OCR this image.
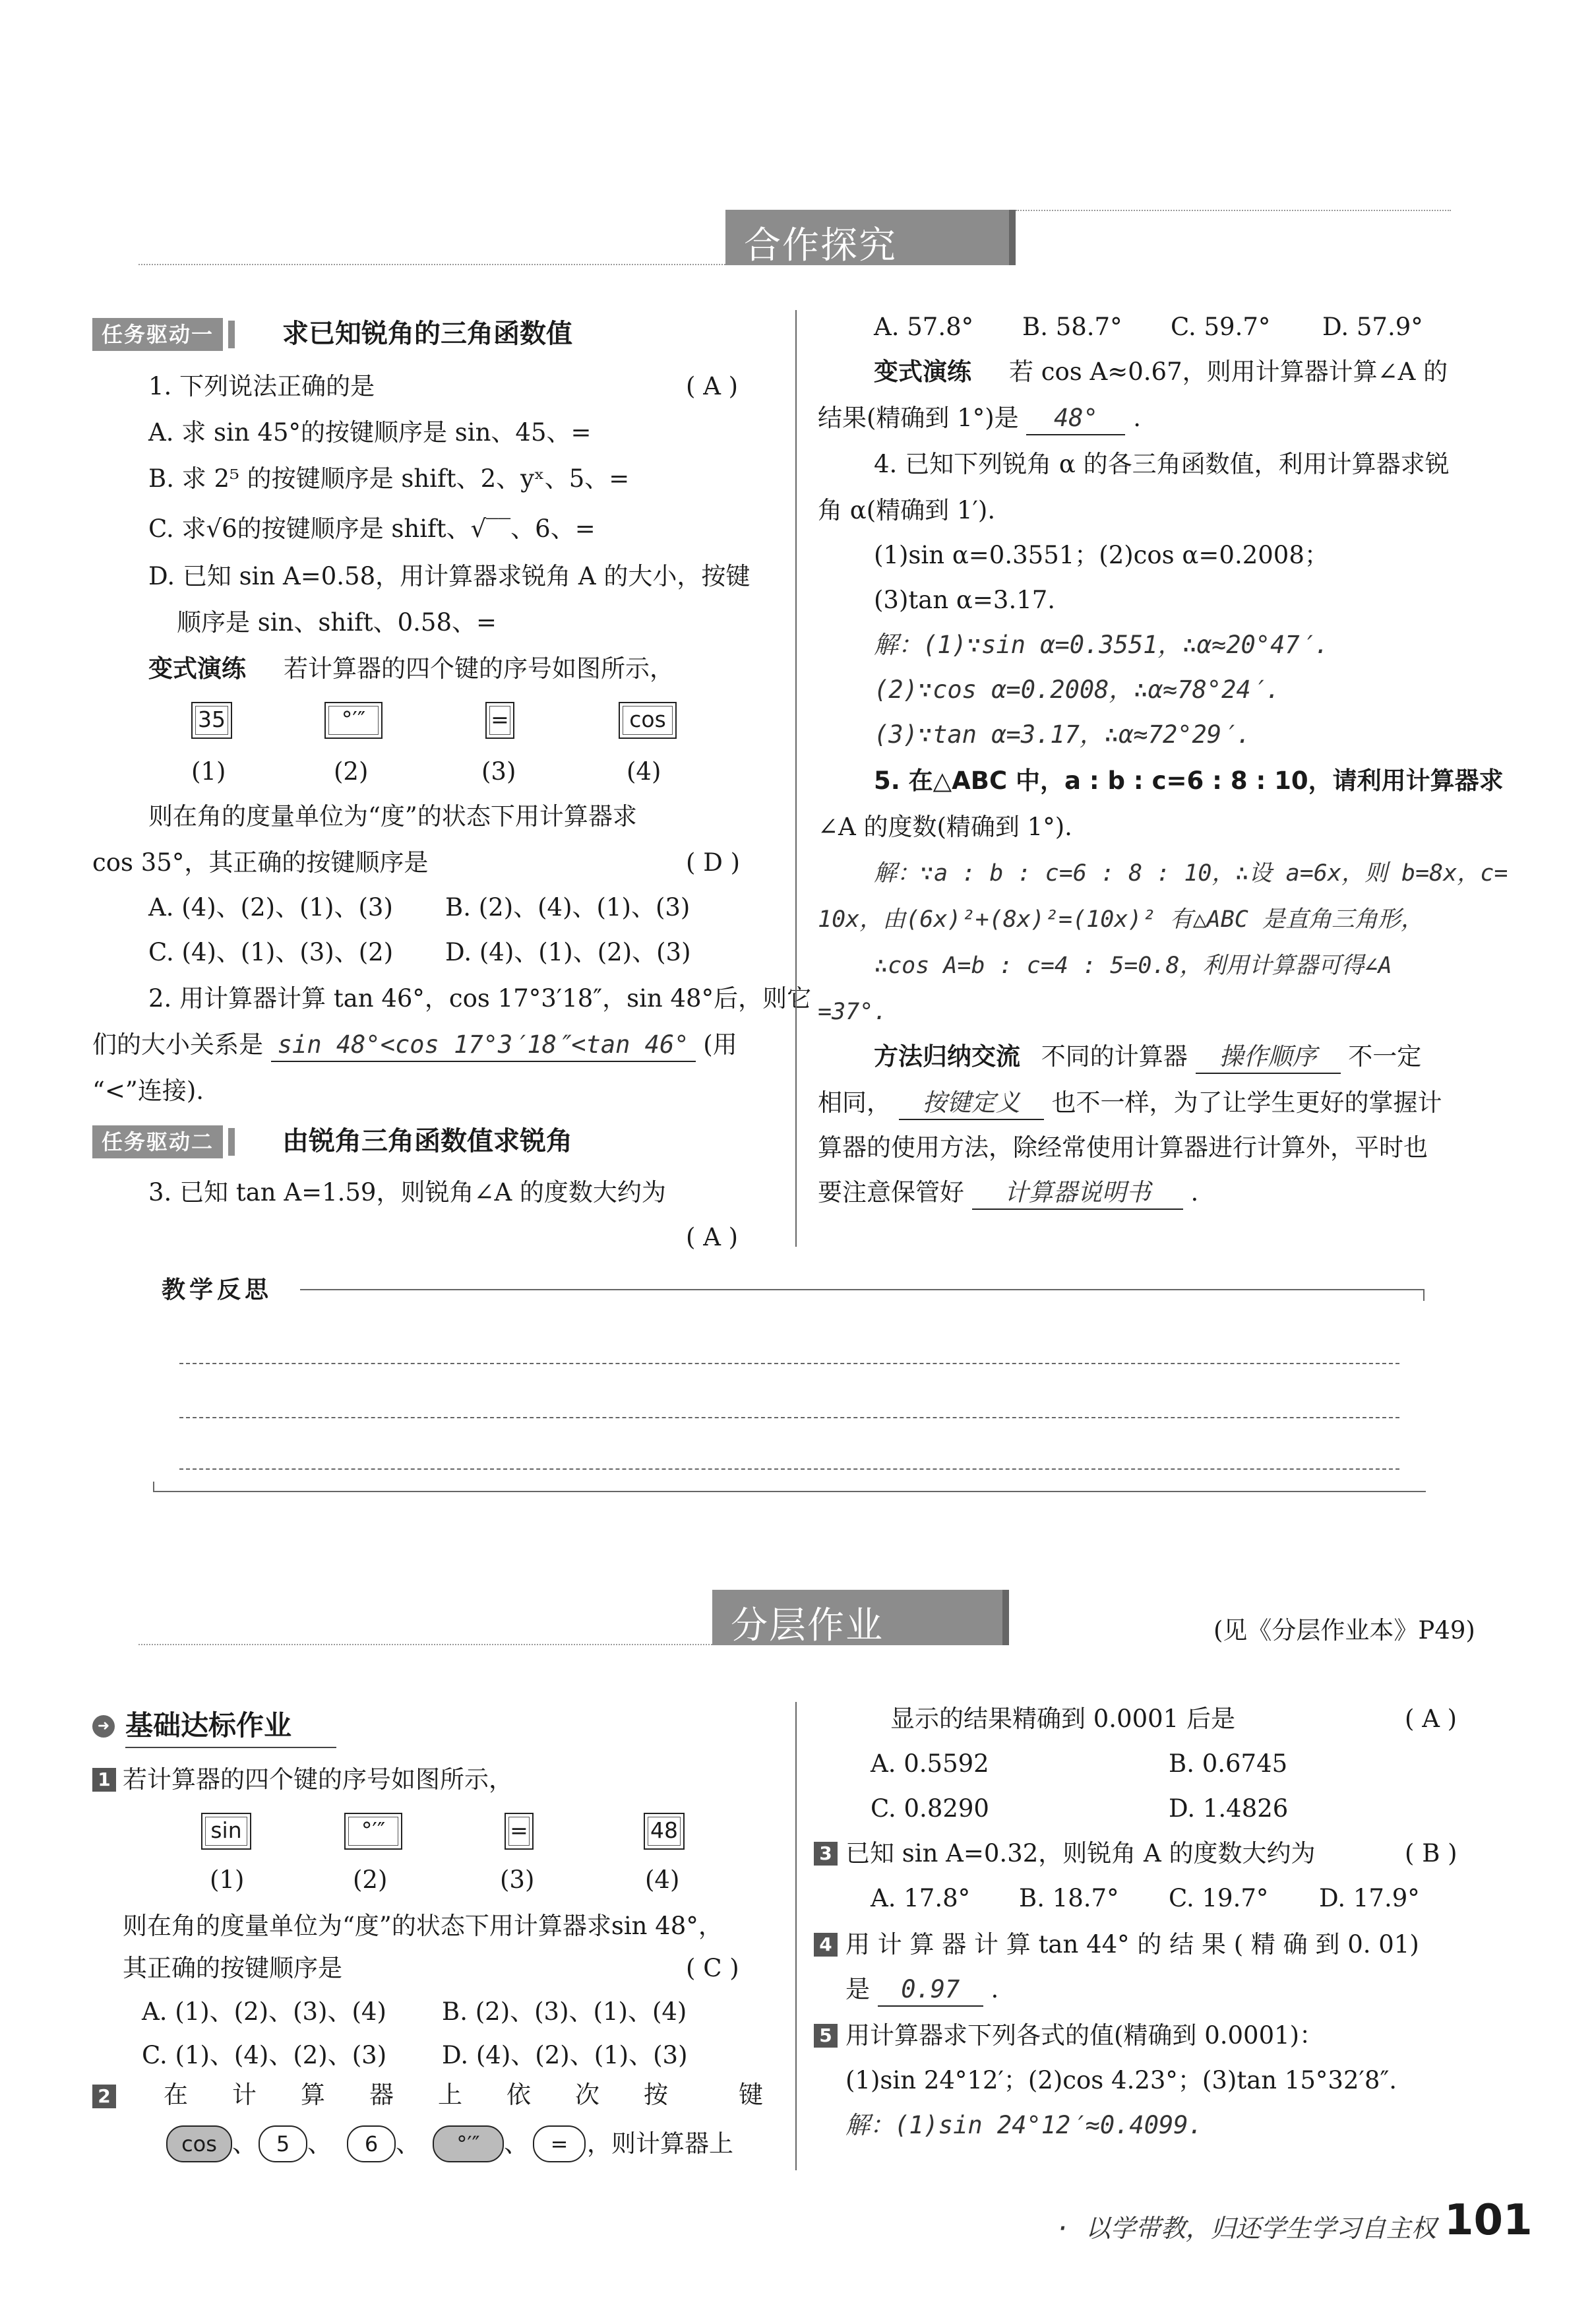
合作探究
任务驱动一	求已知锐角的三角函数值
1. 下列说法正确的是	( A )
A. 求 sin 45°的按键顺序是 sin、45、=
B. 求 2⁵ 的按键顺序是 shift、2、yˣ、5、=
C. 求√6的按键顺序是 shift、√‾‾、6、=
D. 已知 sin A=0.58，用计算器求锐角 A 的大小，按键
顺序是 sin、shift、0.58、=
变式演练 若计算器的四个键的序号如图所示，
35	°′″	=	cos
(1)	(2)	(3)	(4)
则在角的度量单位为“度”的状态下用计算器求
cos 35°，其正确的按键顺序是	( D )
A. (4)、(2)、(1)、(3) B. (2)、(4)、(1)、(3)
C. (4)、(1)、(3)、(2) D. (4)、(1)、(2)、(3)
2. 用计算器计算 tan 46°，cos 17°3′18″，sin 48°后，则它
们的大小关系是 sin 48°<cos 17°3′18″<tan 46° (用
“<”连接).
任务驱动二	由锐角三角函数值求锐角
3. 已知 tan A=1.59，则锐角∠A 的度数大约为
( A )
A. 57.8° B. 58.7° C. 59.7° D. 57.9°
变式演练 若 cos A≈0.67，则用计算器计算∠A 的
结果(精确到 1°)是 48° .
4. 已知下列锐角 α 的各三角函数值，利用计算器求锐
角 α(精确到 1′).
(1)sin α=0.3551；(2)cos α=0.2008；
(3)tan α=3.17.
解：(1)∵sin α=0.3551，∴α≈20°47′.
(2)∵cos α=0.2008，∴α≈78°24′.
(3)∵tan α=3.17，∴α≈72°29′.
5. 在△ABC 中，a : b : c=6 : 8 : 10，请利用计算器求
∠A 的度数(精确到 1°).
解：∵a : b : c=6 : 8 : 10，∴设 a=6x，则 b=8x，c=
10x，由(6x)²+(8x)²=(10x)² 有△ABC 是直角三角形，
∴cos A=b : c=4 : 5=0.8，利用计算器可得∠A
=37°.
方法归纳交流 不同的计算器 操作顺序 不一定
相同， 按键定义 也不一样，为了让学生更好的掌握计
算器的使用方法，除经常使用计算器进行计算外，平时也
要注意保管好 计算器说明书 .
教学反思
分层作业	(见《分层作业本》P49)
➜ 基础达标作业
1 若计算器的四个键的序号如图所示，
sin	°′″	=	48
(1)	(2)	(3)	(4)
则在角的度量单位为“度”的状态下用计算器求sin 48°，
其正确的按键顺序是	( C )
A. (1)、(2)、(3)、(4) B. (2)、(3)、(1)、(4)
C. (1)、(4)、(2)、(3) D. (4)、(2)、(1)、(3)
2 在 计 算 器 上 依 次 按	键
cos 、 5 、	6 、	°′″ 、	= ，则计算器上
显示的结果精确到 0.0001 后是	( A )
A. 0.5592	B. 0.6745
C. 0.8290	D. 1.4826
3 已知 sin A=0.32，则锐角 A 的度数大约为	( B )
A. 17.8° B. 18.7° C. 19.7° D. 17.9°
4 用 计 算 器 计 算 tan 44° 的 结 果 ( 精 确 到 0. 01)
是 0.97 .
5 用计算器求下列各式的值(精确到 0.0001)：
(1)sin 24°12′；(2)cos 4.23°；(3)tan 15°32′8″.
解：(1)sin 24°12′≈0.4099.
· 以学带教，归还学生学习自主权 ·
101
